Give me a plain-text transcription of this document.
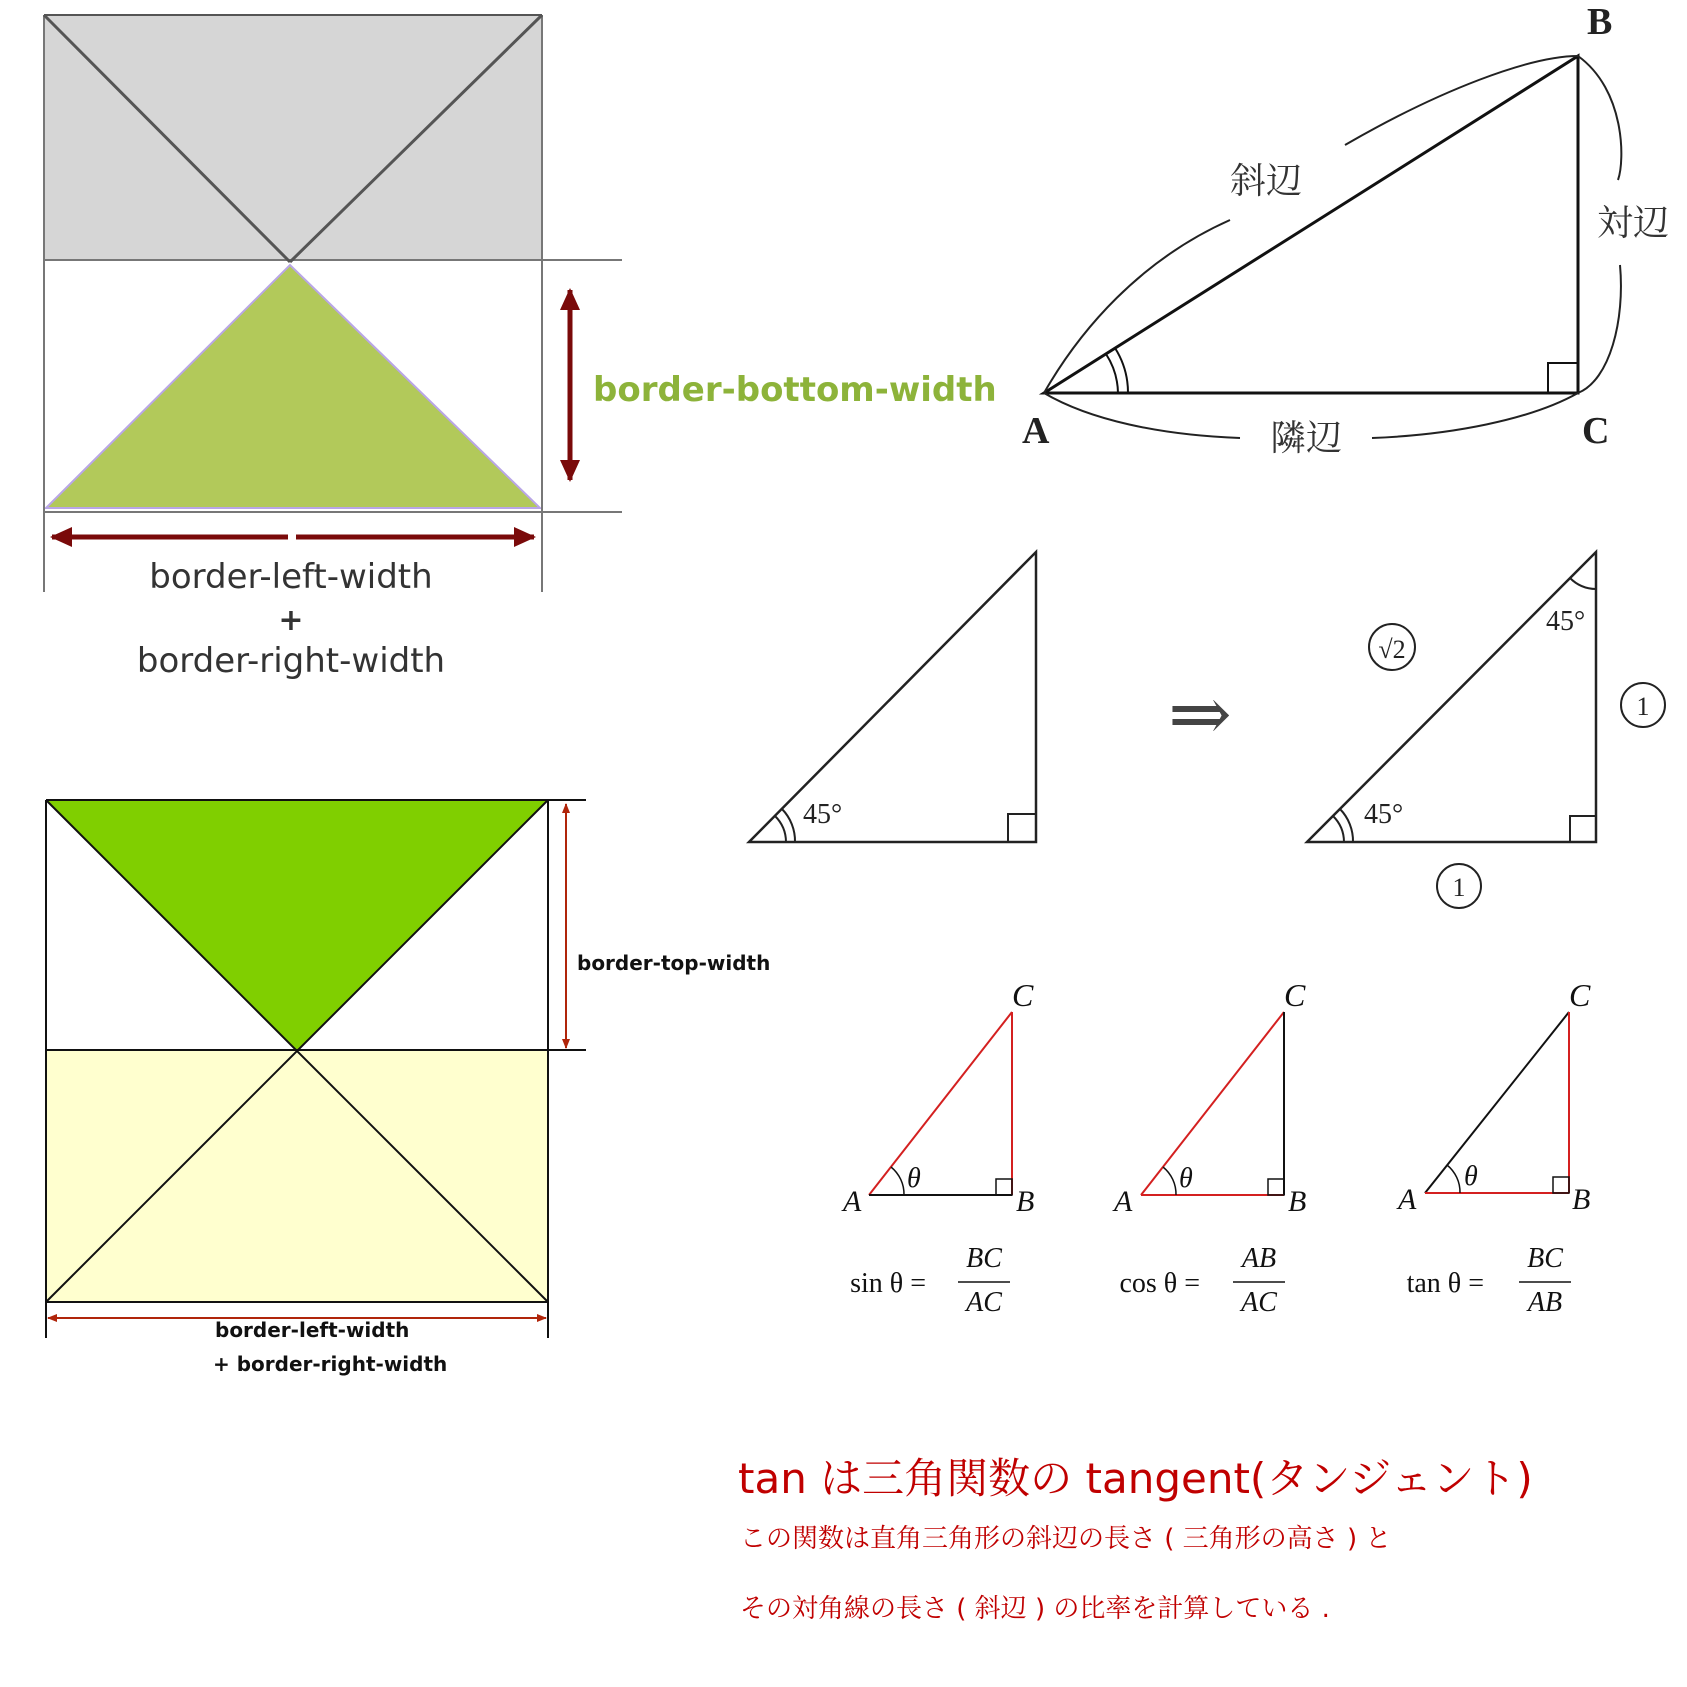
border-bottom-width
border-left-width
+
border-right-width
A
B
C
斜辺
対辺
隣辺
45°
⇒
45°
45°
√2
1
1
border-top-width
border-left-width
+ border-right-width
A	B
C
θ
sin θ =
BC
AC
A	B
C
θ
cos θ =
AB
AC
A	B
C
θ
tan θ =
BC
AB
tan は三角関数の tangent(タンジェント)
この関数は直角三角形の斜辺の長さ ( 三角形の高さ ) と
その対角線の長さ ( 斜辺 ) の比率を計算している .
